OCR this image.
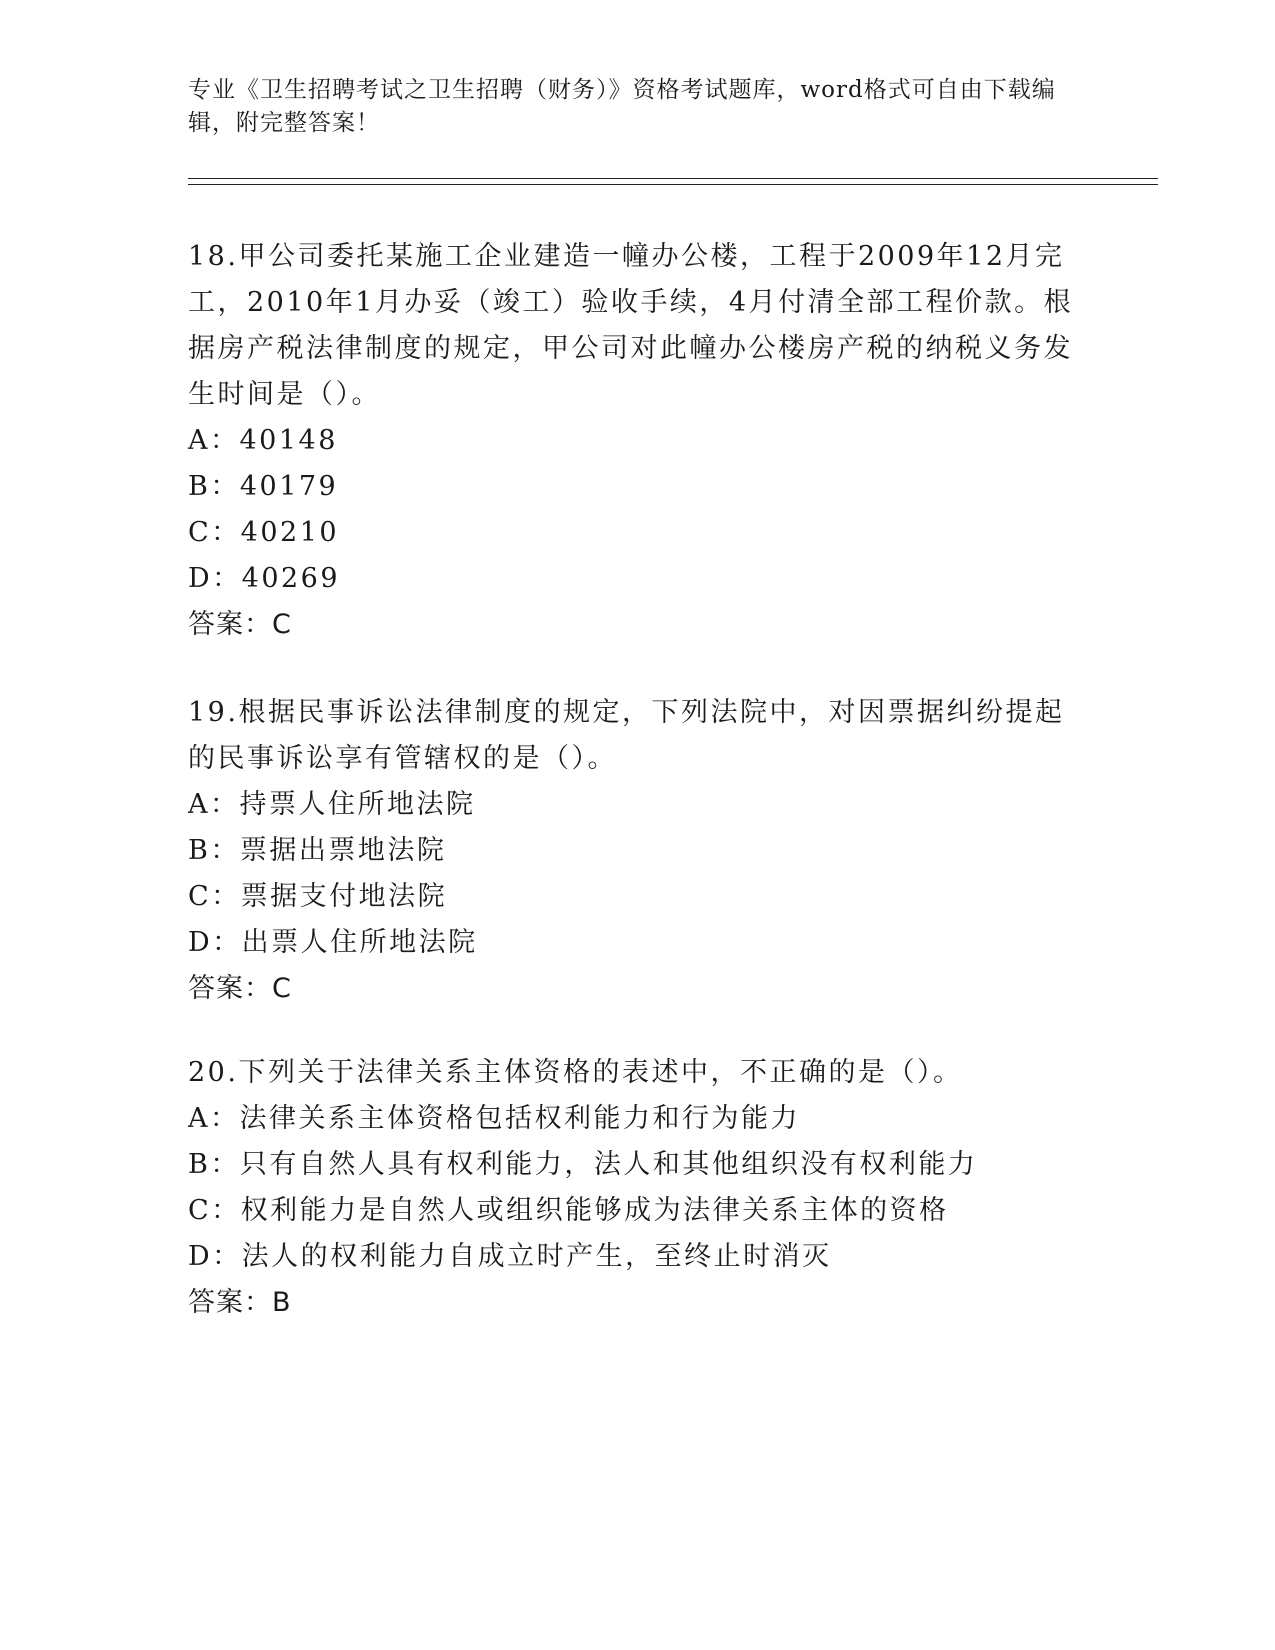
专业《卫生招聘考试之卫生招聘（财务）》资格考试题库，word格式可自由下载编辑，附完整答案！
18.甲公司委托某施工企业建造一幢办公楼，工程于2009年12月完工，2010年1月办妥（竣工）验收手续，4月付清全部工程价款。根据房产税法律制度的规定，甲公司对此幢办公楼房产税的纳税义务发生时间是（）。
A：40148
B：40179
C：40210
D：40269
答案：C
19.根据民事诉讼法律制度的规定，下列法院中，对因票据纠纷提起的民事诉讼享有管辖权的是（）。
A：持票人住所地法院
B：票据出票地法院
C：票据支付地法院
D：出票人住所地法院
答案：C
20.下列关于法律关系主体资格的表述中，不正确的是（）。
A：法律关系主体资格包括权利能力和行为能力
B：只有自然人具有权利能力，法人和其他组织没有权利能力
C：权利能力是自然人或组织能够成为法律关系主体的资格
D：法人的权利能力自成立时产生，至终止时消灭
答案：B
